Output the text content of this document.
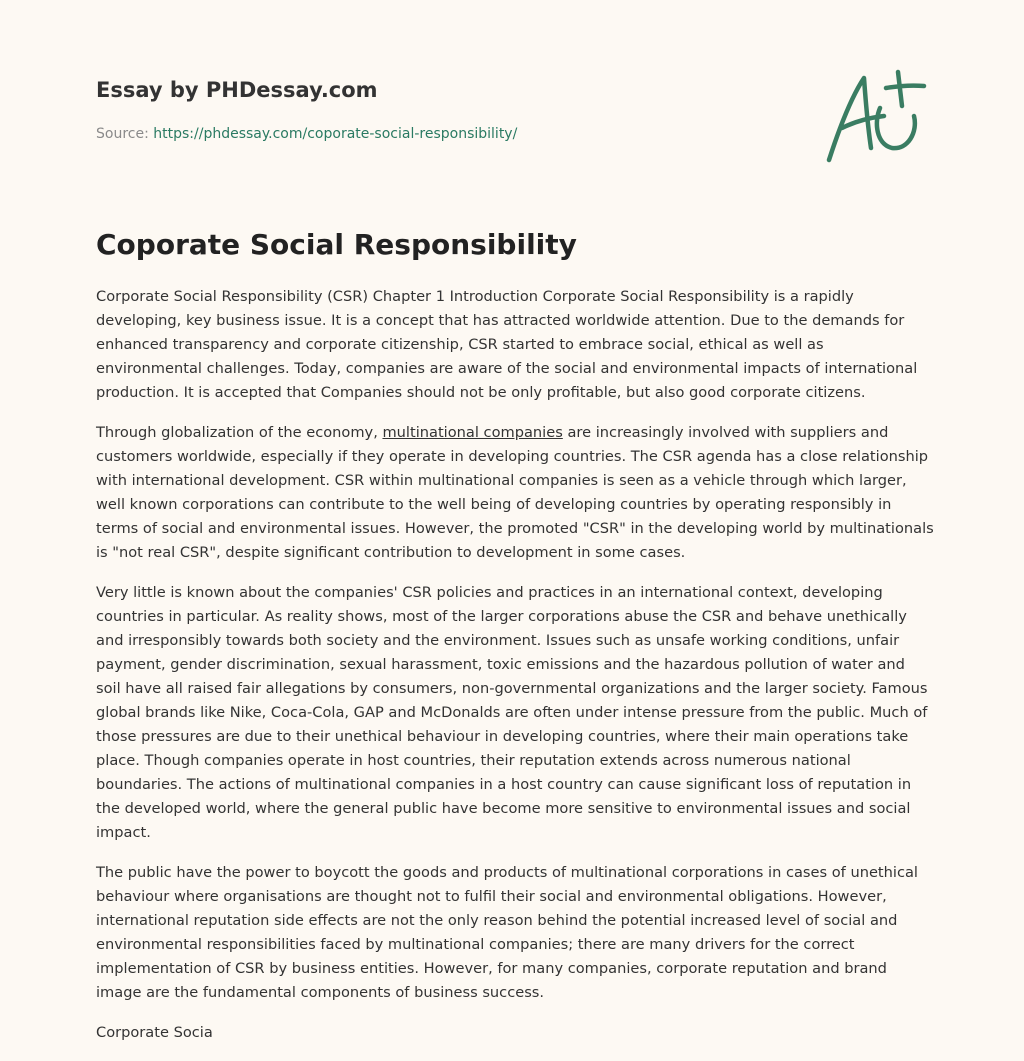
Essay by PHDessay.com
Source: https://phdessay.com/coporate-social-responsibility/
Coporate Social Responsibility

Corporate Social Responsibility (CSR) Chapter 1 Introduction Corporate Social Responsibility is a rapidly developing, key business issue. It is a concept that has attracted worldwide attention. Due to the demands for enhanced transparency and corporate citizenship, CSR started to embrace social, ethical as well as environmental challenges. Today, companies are aware of the social and environmental impacts of international production. It is accepted that Companies should not be only profitable, but also good corporate citizens.

Through globalization of the economy, multinational companies are increasingly involved with suppliers and customers worldwide, especially if they operate in developing countries. The CSR agenda has a close relationship with international development. CSR within multinational companies is seen as a vehicle through which larger, well known corporations can contribute to the well being of developing countries by operating responsibly in terms of social and environmental issues. However, the promoted "CSR" in the developing world by multinationals is "not real CSR", despite significant contribution to development in some cases.

Very little is known about the companies' CSR policies and practices in an international context, developing countries in particular. As reality shows, most of the larger corporations abuse the CSR and behave unethically and irresponsibly towards both society and the environment. Issues such as unsafe working conditions, unfair payment, gender discrimination, sexual harassment, toxic emissions and the hazardous pollution of water and soil have all raised fair allegations by consumers, non-governmental organizations and the larger society. Famous global brands like Nike, Coca-Cola, GAP and McDonalds are often under intense pressure from the public. Much of those pressures are due to their unethical behaviour in developing countries, where their main operations take place. Though companies operate in host countries, their reputation extends across numerous national boundaries. The actions of multinational companies in a host country can cause significant loss of reputation in the developed world, where the general public have become more sensitive to environmental issues and social impact.

The public have the power to boycott the goods and products of multinational corporations in cases of unethical behaviour where organisations are thought not to fulfil their social and environmental obligations. However, international reputation side effects are not the only reason behind the potential increased level of social and environmental responsibilities faced by multinational companies; there are many drivers for the correct implementation of CSR by business entities. However, for many companies, corporate reputation and brand image are the fundamental components of business success.

Corporate Socia
